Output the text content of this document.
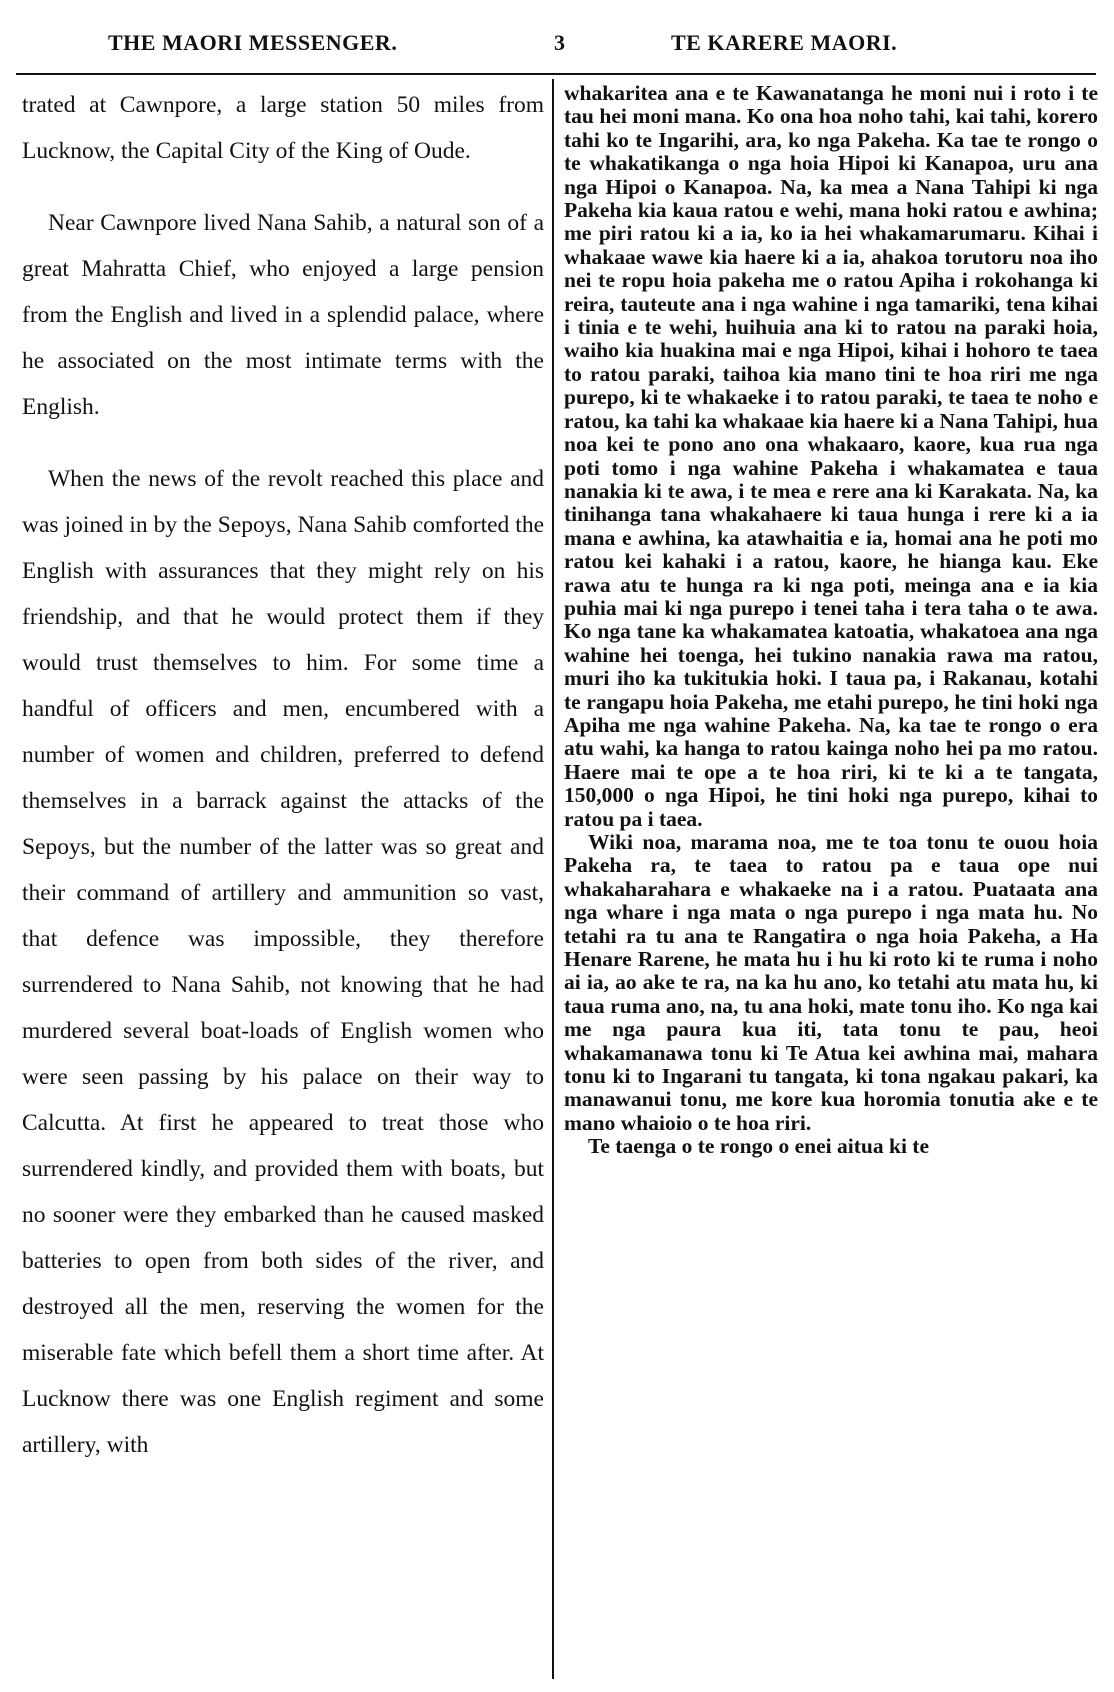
THE MAORI MESSENGER.	3	TE KARERE MAORI.

trated at Cawnpore, a large station 50 miles from Lucknow, the Capital City of the King of Oude.

Near Cawnpore lived Nana Sahib, a natural son of a great Mahratta Chief, who enjoyed a large pension from the English and lived in a splendid palace, where he associated on the most intimate terms with the English.

When the news of the revolt reached this place and was joined in by the Sepoys, Nana Sahib comforted the English with assurances that they might rely on his friendship, and that he would protect them if they would trust themselves to him. For some time a handful of officers and men, encumbered with a number of women and children, preferred to defend themselves in a barrack against the attacks of the Sepoys, but the number of the latter was so great and their command of artillery and ammunition so vast, that defence was impossible, they therefore surrendered to Nana Sahib, not knowing that he had murdered several boat-loads of English women who were seen passing by his palace on their way to Calcutta. At first he appeared to treat those who surrendered kindly, and provided them with boats, but no sooner were they embarked than he caused masked batteries to open from both sides of the river, and destroyed all the men, reserving the women for the miserable fate which befell them a short time after. At Lucknow there was one English regiment and some artillery, with

whakaritea ana e te Kawanatanga he moni nui i roto i te tau hei moni mana. Ko ona hoa noho tahi, kai tahi, korero tahi ko te Ingarihi, ara, ko nga Pakeha. Ka tae te rongo o te whakatikanga o nga hoia Hipoi ki Kanapoa, uru ana nga Hipoi o Kanapoa. Na, ka mea a Nana Tahipi ki nga Pakeha kia kaua ratou e wehi, mana hoki ratou e awhina; me piri ratou ki a ia, ko ia hei whakamarumaru. Kihai i whakaae wawe kia haere ki a ia, ahakoa torutoru noa iho nei te ropu hoia pakeha me o ratou Apiha i rokohanga ki reira, tauteute ana i nga wahine i nga tamariki, tena kihai i tinia e te wehi, huihuia ana ki to ratou na paraki hoia, waiho kia huakina mai e nga Hipoi, kihai i hohoro te taea to ratou paraki, taihoa kia mano tini te hoa riri me nga purepo, ki te whakaeke i to ratou paraki, te taea te noho e ratou, ka tahi ka whakaae kia haere ki a Nana Tahipi, hua noa kei te pono ano ona whakaaro, kaore, kua rua nga poti tomo i nga wahine Pakeha i whakamatea e taua nanakia ki te awa, i te mea e rere ana ki Karakata. Na, ka tinihanga tana whakahaere ki taua hunga i rere ki a ia mana e awhina, ka atawhaitia e ia, homai ana he poti mo ratou kei kahaki i a ratou, kaore, he hianga kau. Eke rawa atu te hunga ra ki nga poti, meinga ana e ia kia puhia mai ki nga purepo i tenei taha i tera taha o te awa. Ko nga tane ka whakamatea katoatia, whakatoea ana nga wahine hei toenga, hei tukino nanakia rawa ma ratou, muri iho ka tukitukia hoki. I taua pa, i Rakanau, kotahi te rangapu hoia Pakeha, me etahi purepo, he tini hoki nga Apiha me nga wahine Pakeha. Na, ka tae te rongo o era atu wahi, ka hanga to ratou kainga noho hei pa mo ratou. Haere mai te ope a te hoa riri, ki te ki a te tangata, 150,000 o nga Hipoi, he tini hoki nga purepo, kihai to ratou pa i taea.

Wiki noa, marama noa, me te toa tonu te ouou hoia Pakeha ra, te taea to ratou pa e taua ope nui whakaharahara e whakaeke na i a ratou. Puataata ana nga whare i nga mata o nga purepo i nga mata hu. No tetahi ra tu ana te Rangatira o nga hoia Pakeha, a Ha Henare Rarene, he mata hu i hu ki roto ki te ruma i noho ai ia, ao ake te ra, na ka hu ano, ko tetahi atu mata hu, ki taua ruma ano, na, tu ana hoki, mate tonu iho. Ko nga kai me nga paura kua iti, tata tonu te pau, heoi whakamanawa tonu ki Te Atua kei awhina mai, mahara tonu ki to Ingarani tu tangata, ki tona ngakau pakari, ka manawanui tonu, me kore kua horomia tonutia ake e te mano whaioio o te hoa riri.

Te taenga o te rongo o enei aitua ki te
